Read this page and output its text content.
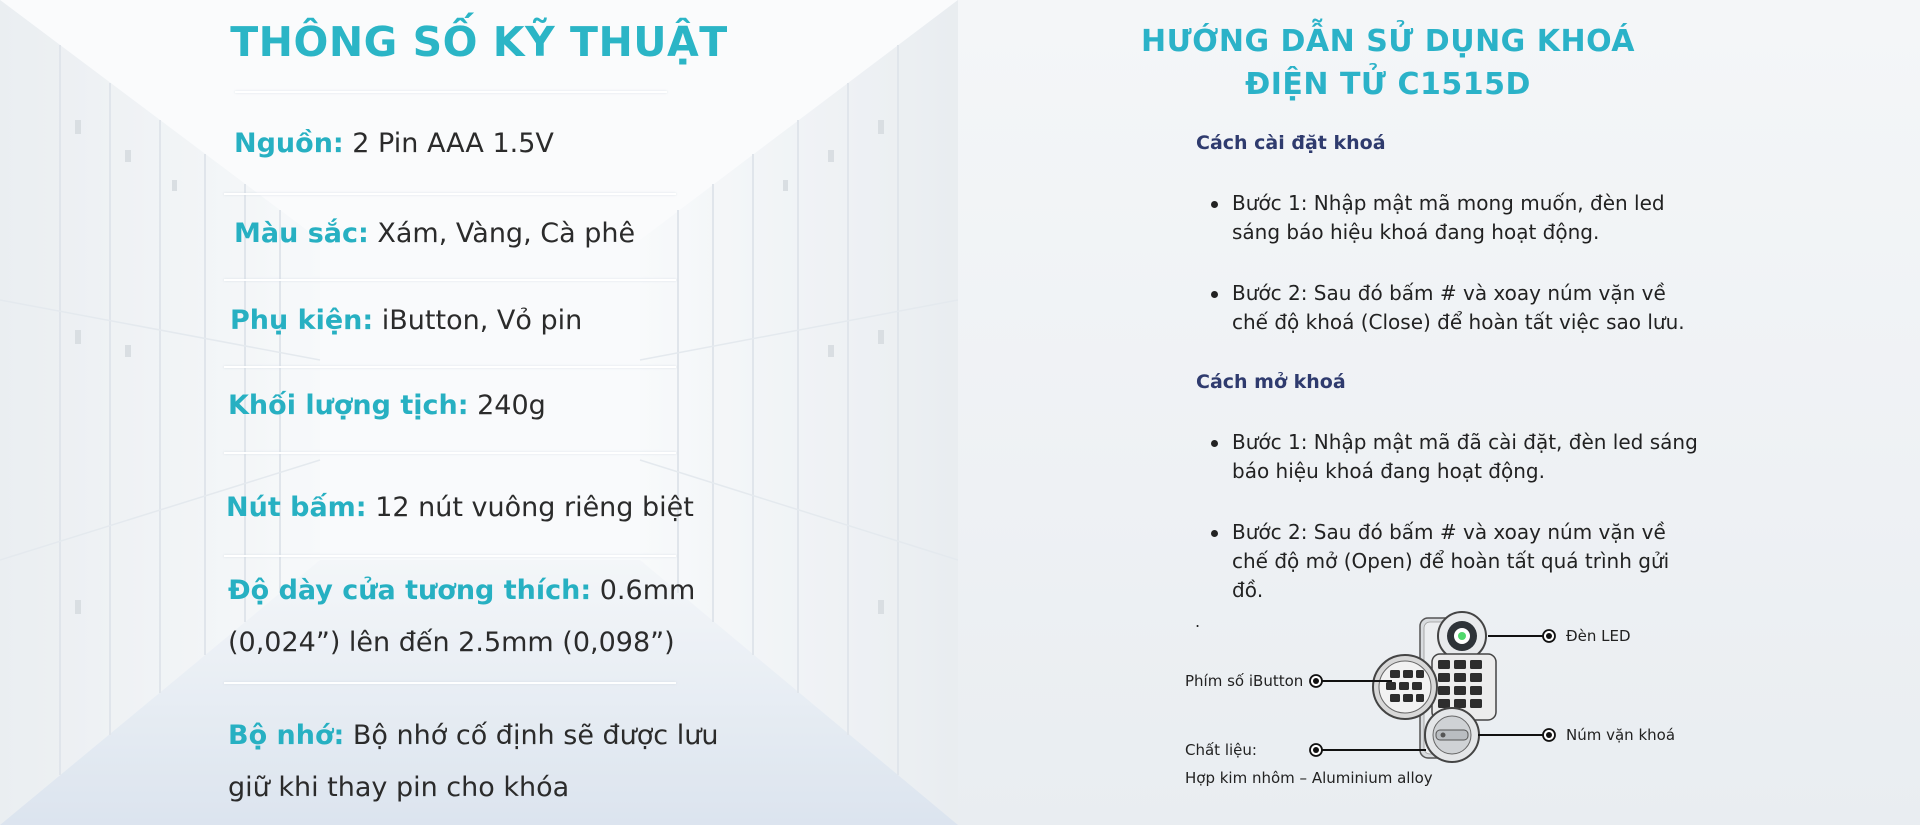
THÔNG SỐ KỸ THUẬT
Nguồn: 2 Pin AAA 1.5V
Màu sắc: Xám, Vàng, Cà phê
Phụ kiện: iButton, Vỏ pin
Khối lượng tịch: 240g
Nút bấm: 12 nút vuông riêng biệt
Độ dày cửa tương thích: 0.6mm
(0,024”) lên đến 2.5mm (0,098”)
Bộ nhớ: Bộ nhớ cố định sẽ được lưu
giữ khi thay pin cho khóa
HƯỚNG DẪN SỬ DỤNG KHOÁ
ĐIỆN TỬ C1515D
Cách cài đặt khoá
Bước 1: Nhập mật mã mong muốn, đèn led
sáng báo hiệu khoá đang hoạt động.
Bước 2: Sau đó bấm # và xoay núm vặn về
chế độ khoá (Close) để hoàn tất việc sao lưu.
Cách mở khoá
Bước 1: Nhập mật mã đã cài đặt, đèn led sáng
báo hiệu khoá đang hoạt động.
Bước 2: Sau đó bấm # và xoay núm vặn về
chế độ mở (Open) để hoàn tất quá trình gửi
đồ.
.
Đèn LED
Phím số iButton
Núm vặn khoá
Chất liệu:
Hợp kim nhôm – Aluminium alloy
